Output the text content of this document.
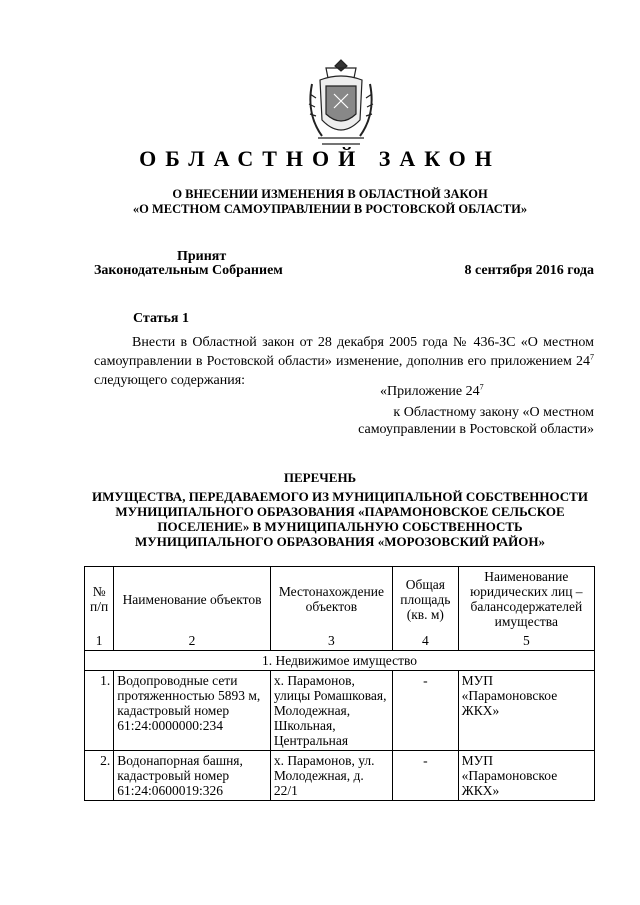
ОБЛАСТНОЙ ЗАКОН
О ВНЕСЕНИИ ИЗМЕНЕНИЯ В ОБЛАСТНОЙ ЗАКОН
«О МЕСТНОМ САМОУПРАВЛЕНИИ В РОСТОВСКОЙ ОБЛАСТИ»
Принят
Законодательным Собранием	8 сентября 2016 года
Статья 1
Внести в Областной закон от 28 декабря 2005 года № 436-ЗС «О местном самоуправлении в Ростовской области» изменение, дополнив его приложением $24^7$ следующего содержания:
«Приложение $24^7$
к Областному закону «О местном
самоуправлении в Ростовской области»
ПЕРЕЧЕНЬ
ИМУЩЕСТВА, ПЕРЕДАВАЕМОГО ИЗ МУНИЦИПАЛЬНОЙ СОБСТВЕННОСТИ
МУНИЦИПАЛЬНОГО ОБРАЗОВАНИЯ «ПАРАМОНОВСКОЕ СЕЛЬСКОЕ
ПОСЕЛЕНИЕ» В МУНИЦИПАЛЬНУЮ СОБСТВЕННОСТЬ
МУНИЦИПАЛЬНОГО ОБРАЗОВАНИЯ «МОРОЗОВСКИЙ РАЙОН»
№ п/п	Наименование объектов	Местонахождение объектов	Общая площадь (кв. м)	Наименование юридических лиц – балансодержателей имущества
1	2	3	4	5
1. Недвижимое имущество				
1.	Водопроводные сети протяженностью 5893 м, кадастровый номер 61:24:0000000:234	х. Парамонов, улицы Ромашковая, Молодежная, Школьная, Центральная	-	МУП «Парамоновское ЖКХ»
2.	Водонапорная башня, кадастровый номер 61:24:0600019:326	х. Парамонов, ул. Молодежная, д. 22/1	-	МУП «Парамоновское ЖКХ»
